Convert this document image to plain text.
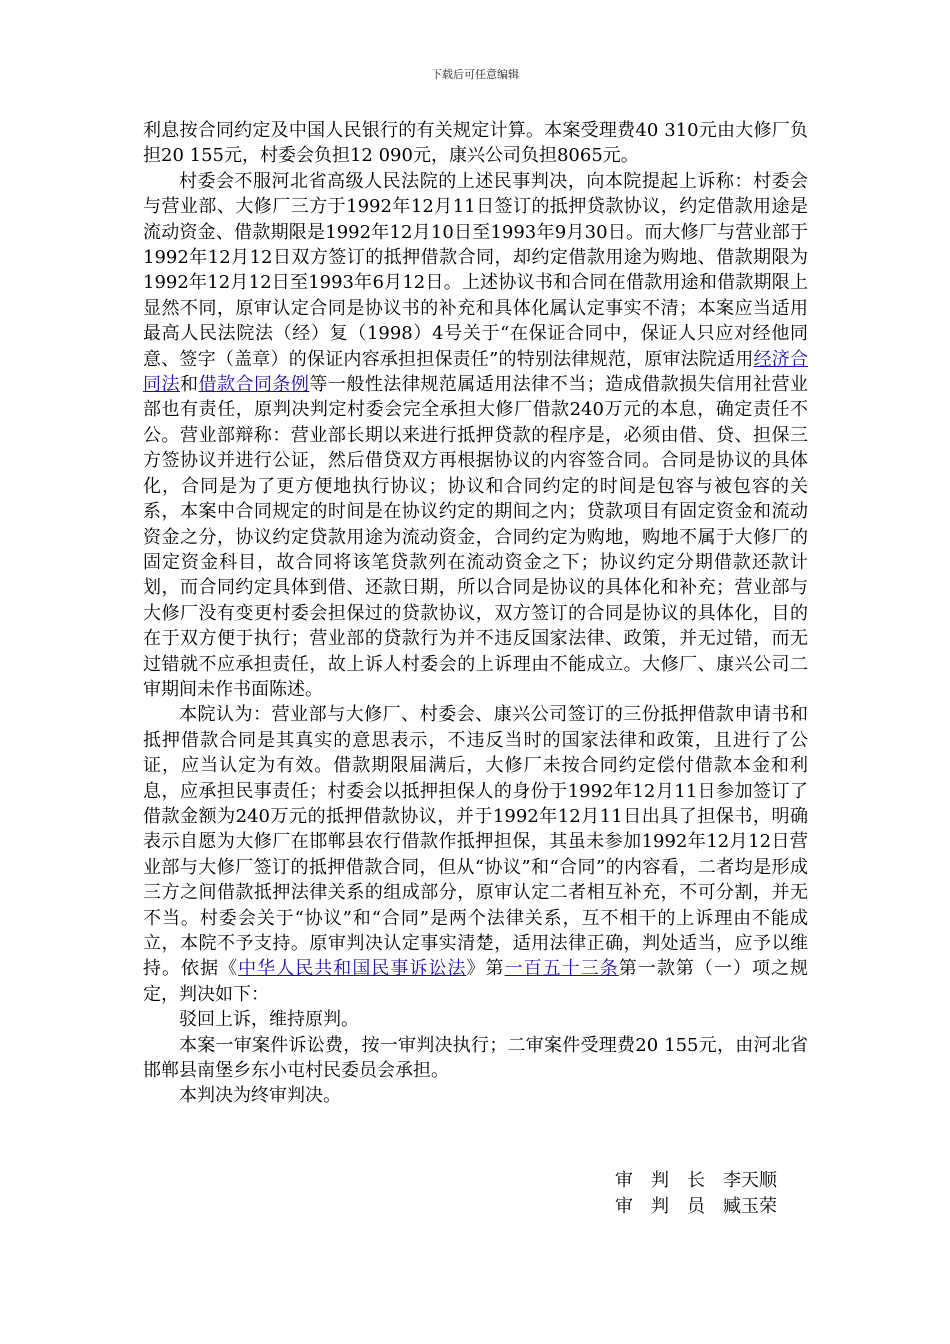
下载后可任意编辑

利息按合同约定及中国人民银行的有关规定计算。本案受理费40 310元由大修厂负担20 155元，村委会负担12 090元，康兴公司负担8065元。

村委会不服河北省高级人民法院的上述民事判决，向本院提起上诉称：村委会与营业部、大修厂三方于1992年12月11日签订的抵押贷款协议，约定借款用途是流动资金、借款期限是1992年12月10日至1993年9月30日。而大修厂与营业部于1992年12月12日双方签订的抵押借款合同，却约定借款用途为购地、借款期限为1992年12月12日至1993年6月12日。上述协议书和合同在借款用途和借款期限上显然不同，原审认定合同是协议书的补充和具体化属认定事实不清；本案应当适用最高人民法院法（经）复（1998）4号关于“在保证合同中，保证人只应对经他同意、签字（盖章）的保证内容承担担保责任”的特别法律规范，原审法院适用经济合同法和借款合同条例等一般性法律规范属适用法律不当；造成借款损失信用社营业部也有责任，原判决判定村委会完全承担大修厂借款240万元的本息，确定责任不公。营业部辩称：营业部长期以来进行抵押贷款的程序是，必须由借、贷、担保三方签协议并进行公证，然后借贷双方再根据协议的内容签合同。合同是协议的具体化，合同是为了更方便地执行协议；协议和合同约定的时间是包容与被包容的关系，本案中合同规定的时间是在协议约定的期间之内；贷款项目有固定资金和流动资金之分，协议约定贷款用途为流动资金，合同约定为购地，购地不属于大修厂的固定资金科目，故合同将该笔贷款列在流动资金之下；协议约定分期借款还款计划，而合同约定具体到借、还款日期，所以合同是协议的具体化和补充；营业部与大修厂没有变更村委会担保过的贷款协议，双方签订的合同是协议的具体化，目的在于双方便于执行；营业部的贷款行为并不违反国家法律、政策，并无过错，而无过错就不应承担责任，故上诉人村委会的上诉理由不能成立。大修厂、康兴公司二审期间未作书面陈述。

本院认为：营业部与大修厂、村委会、康兴公司签订的三份抵押借款申请书和抵押借款合同是其真实的意思表示，不违反当时的国家法律和政策，且进行了公证，应当认定为有效。借款期限届满后，大修厂未按合同约定偿付借款本金和利息，应承担民事责任；村委会以抵押担保人的身份于1992年12月11日参加签订了借款金额为240万元的抵押借款协议，并于1992年12月11日出具了担保书，明确表示自愿为大修厂在邯郸县农行借款作抵押担保，其虽未参加1992年12月12日营业部与大修厂签订的抵押借款合同，但从“协议”和“合同”的内容看，二者均是形成三方之间借款抵押法律关系的组成部分，原审认定二者相互补充，不可分割，并无不当。村委会关于“协议”和“合同”是两个法律关系，互不相干的上诉理由不能成立，本院不予支持。原审判决认定事实清楚，适用法律正确，判处适当，应予以维持。依据《中华人民共和国民事诉讼法》第一百五十三条第一款第（一）项之规定，判决如下：

驳回上诉，维持原判。

本案一审案件诉讼费，按一审判决执行；二审案件受理费20 155元，由河北省邯郸县南堡乡东小屯村民委员会承担。

本判决为终审判决。

审　判　长　李天顺
审　判　员　臧玉荣
